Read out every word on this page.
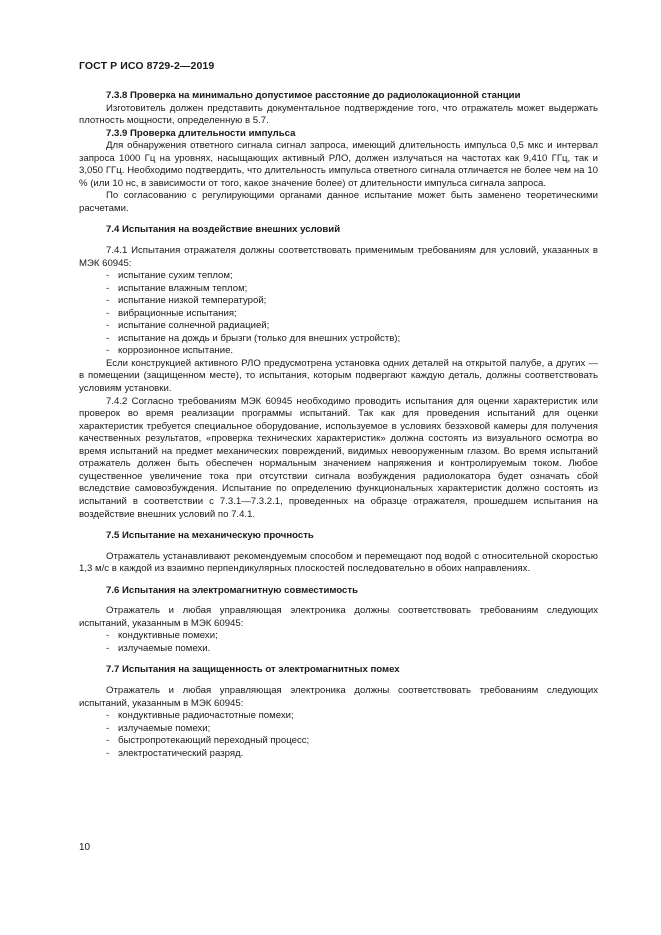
ГОСТ Р ИСО 8729-2—2019

7.3.8 Проверка на минимально допустимое расстояние до радиолокационной станции

Изготовитель должен представить документальное подтверждение того, что отражатель может выдержать плотность мощности, определенную в 5.7.

7.3.9 Проверка длительности импульса

Для обнаружения ответного сигнала сигнал запроса, имеющий длительность импульса 0,5 мкс и интервал запроса 1000 Гц на уровнях, насыщающих активный РЛО, должен излучаться на частотах как 9,410 ГГц, так и 3,050 ГГц. Необходимо подтвердить, что длительность импульса ответного сигнала отличается не более чем на 10 % (или 10 нс, в зависимости от того, какое значение более) от длительности импульса сигнала запроса.

По согласованию с регулирующими органами данное испытание может быть заменено теоретическими расчетами.

7.4 Испытания на воздействие внешних условий

7.4.1 Испытания отражателя должны соответствовать применимым требованиям для условий, указанных в МЭК 60945:

- испытание сухим теплом;

- испытание влажным теплом;

- испытание низкой температурой;

- вибрационные испытания;

- испытание солнечной радиацией;

- испытание на дождь и брызги (только для внешних устройств);

- коррозионное испытание.

Если конструкцией активного РЛО предусмотрена установка одних деталей на открытой палубе, а других — в помещении (защищенном месте), то испытания, которым подвергают каждую деталь, должны соответствовать условиям установки.

7.4.2 Согласно требованиям МЭК 60945 необходимо проводить испытания для оценки характеристик или проверок во время реализации программы испытаний. Так как для проведения испытаний для оценки характеристик требуется специальное оборудование, используемое в условиях безэховой камеры для получения качественных результатов, «проверка технических характеристик» должна состоять из визуального осмотра во время испытаний на предмет механических повреждений, видимых невооруженным глазом. Во время испытаний отражатель должен быть обеспечен нормальным значением напряжения и контролируемым током. Любое существенное увеличение тока при отсутствии сигнала возбуждения радиолокатора будет означать сбой вследствие самовозбуждения. Испытание по определению функциональных характеристик должно состоять из испытаний в соответствии с 7.3.1—7.3.2.1, проведенных на образце отражателя, прошедшем испытания на воздействие внешних условий по 7.4.1.

7.5 Испытание на механическую прочность

Отражатель устанавливают рекомендуемым способом и перемещают под водой с относительной скоростью 1,3 м/с в каждой из взаимно перпендикулярных плоскостей последовательно в обоих направлениях.

7.6 Испытания на электромагнитную совместимость

Отражатель и любая управляющая электроника должны соответствовать требованиям следующих испытаний, указанным в МЭК 60945:

- кондуктивные помехи;

- излучаемые помехи.

7.7 Испытания на защищенность от электромагнитных помех

Отражатель и любая управляющая электроника должны соответствовать требованиям следующих испытаний, указанным в МЭК 60945:

- кондуктивные радиочастотные помехи;

- излучаемые помехи;

- быстропротекающий переходный процесс;

- электростатический разряд.

10
